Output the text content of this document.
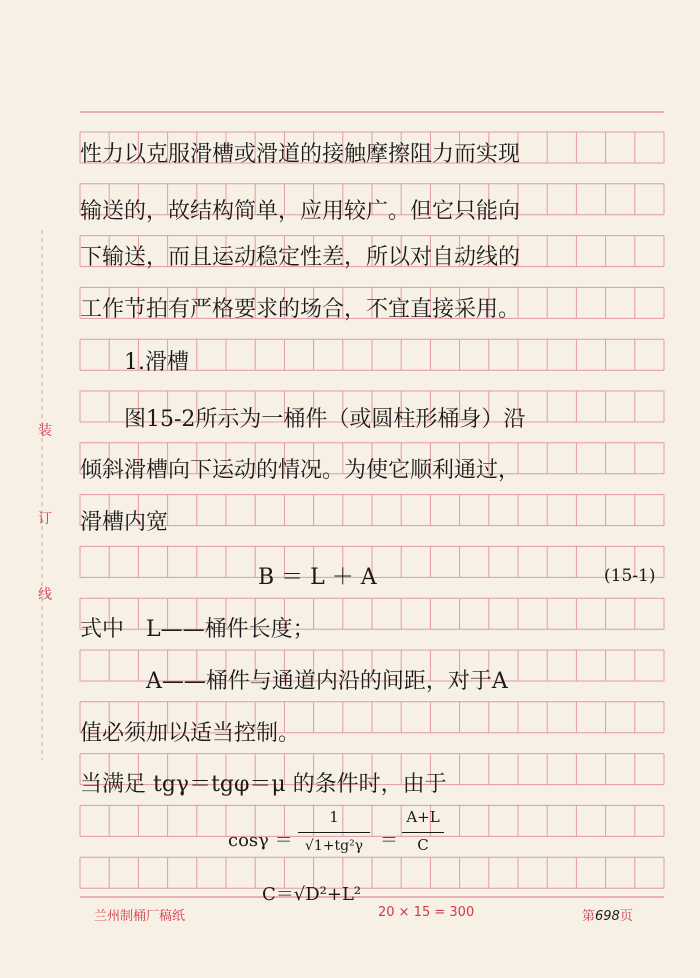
装
订
线
性力以克服滑槽或滑道的接触摩擦阻力而实现
输送的，故结构简单，应用较广。但它只能向
下输送，而且运动稳定性差，所以对自动线的
工作节拍有严格要求的场合，不宜直接采用。
　　1.滑槽
　　图15-2所示为一桶件（或圆柱形桶身）沿
倾斜滑槽向下运动的情况。为使它顺利通过，
滑槽内宽
B ＝ L ＋ A	(15-1)
式中　L——桶件长度；
　　　A——桶件与通道内沿的间距，对于A
值必须加以适当控制。
当满足 tgγ＝tgφ＝μ 的条件时，由于
cosγ ＝
1
√1+tg²γ ＝
A+L
C
C＝√D²+L²
兰州制桶厂稿纸	20 × 15 = 300	第698页
